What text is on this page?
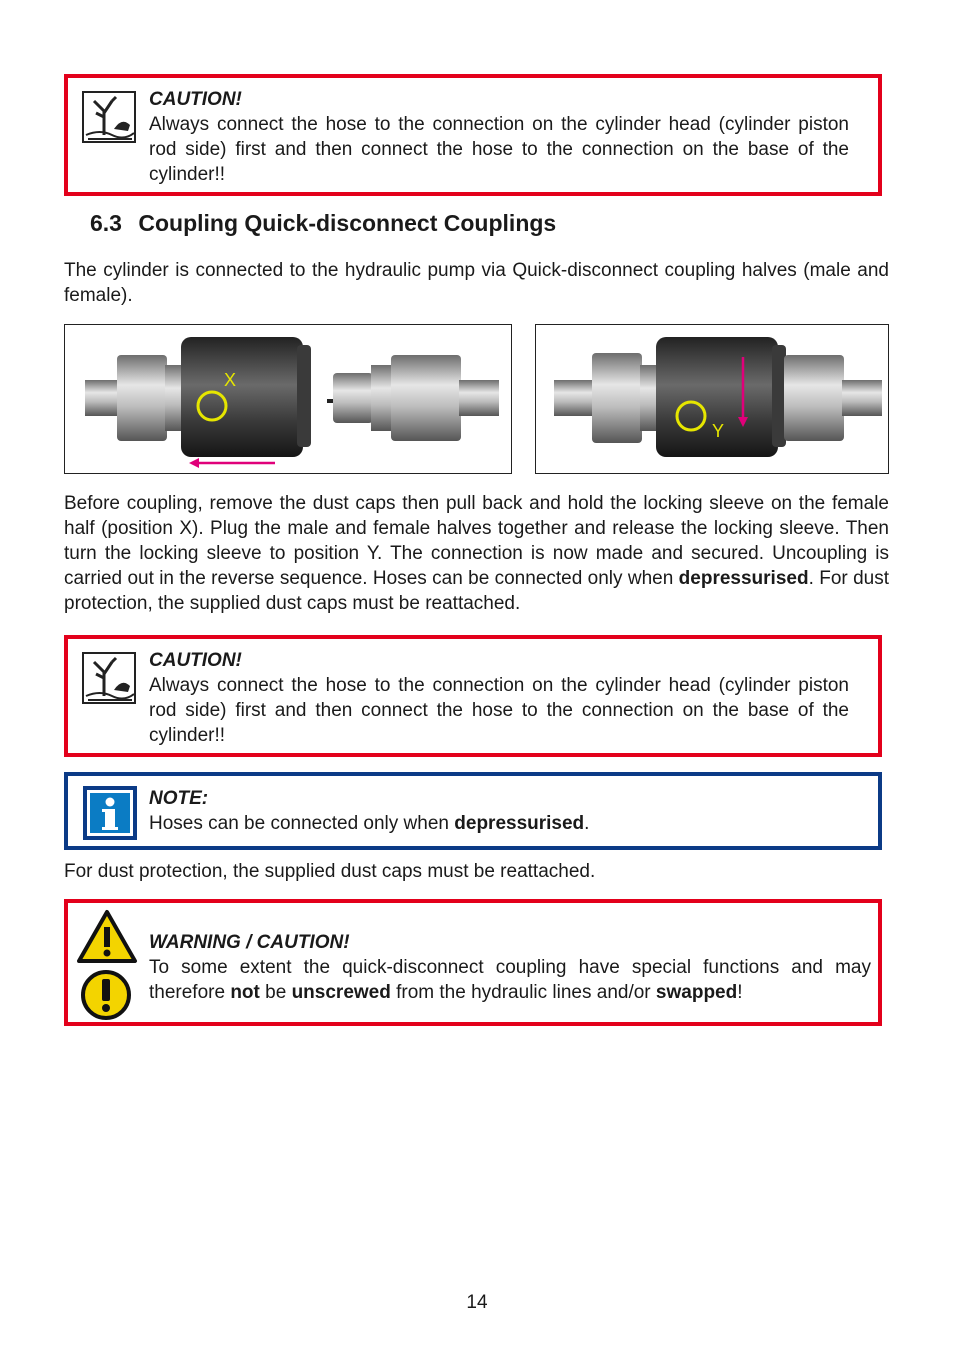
CAUTION!
Always connect the hose to the connection on the cylinder head (cylinder piston rod side) first and then connect the hose to the connection on the base of the cylinder!!
6.3 Coupling Quick-disconnect Couplings
The cylinder is connected to the hydraulic pump via Quick-disconnect coupling halves (male and female).
X
Y
Before coupling, remove the dust caps then pull back and hold the locking sleeve on the female half (position X). Plug the male and female halves together and release the locking sleeve. Then turn the locking sleeve to position Y. The connection is now made and secured. Uncoupling is carried out in the reverse sequence. Hoses can be connected only when depressurised. For dust protection, the supplied dust caps must be reattached.
CAUTION!
Always connect the hose to the connection on the cylinder head (cylinder piston rod side) first and then connect the hose to the connection on the base of the cylinder!!
NOTE:
Hoses can be connected only when depressurised.
For dust protection, the supplied dust caps must be reattached.
WARNING / CAUTION!
To some extent the quick-disconnect coupling have special functions and may therefore not be unscrewed from the hydraulic lines and/or swapped!
14
